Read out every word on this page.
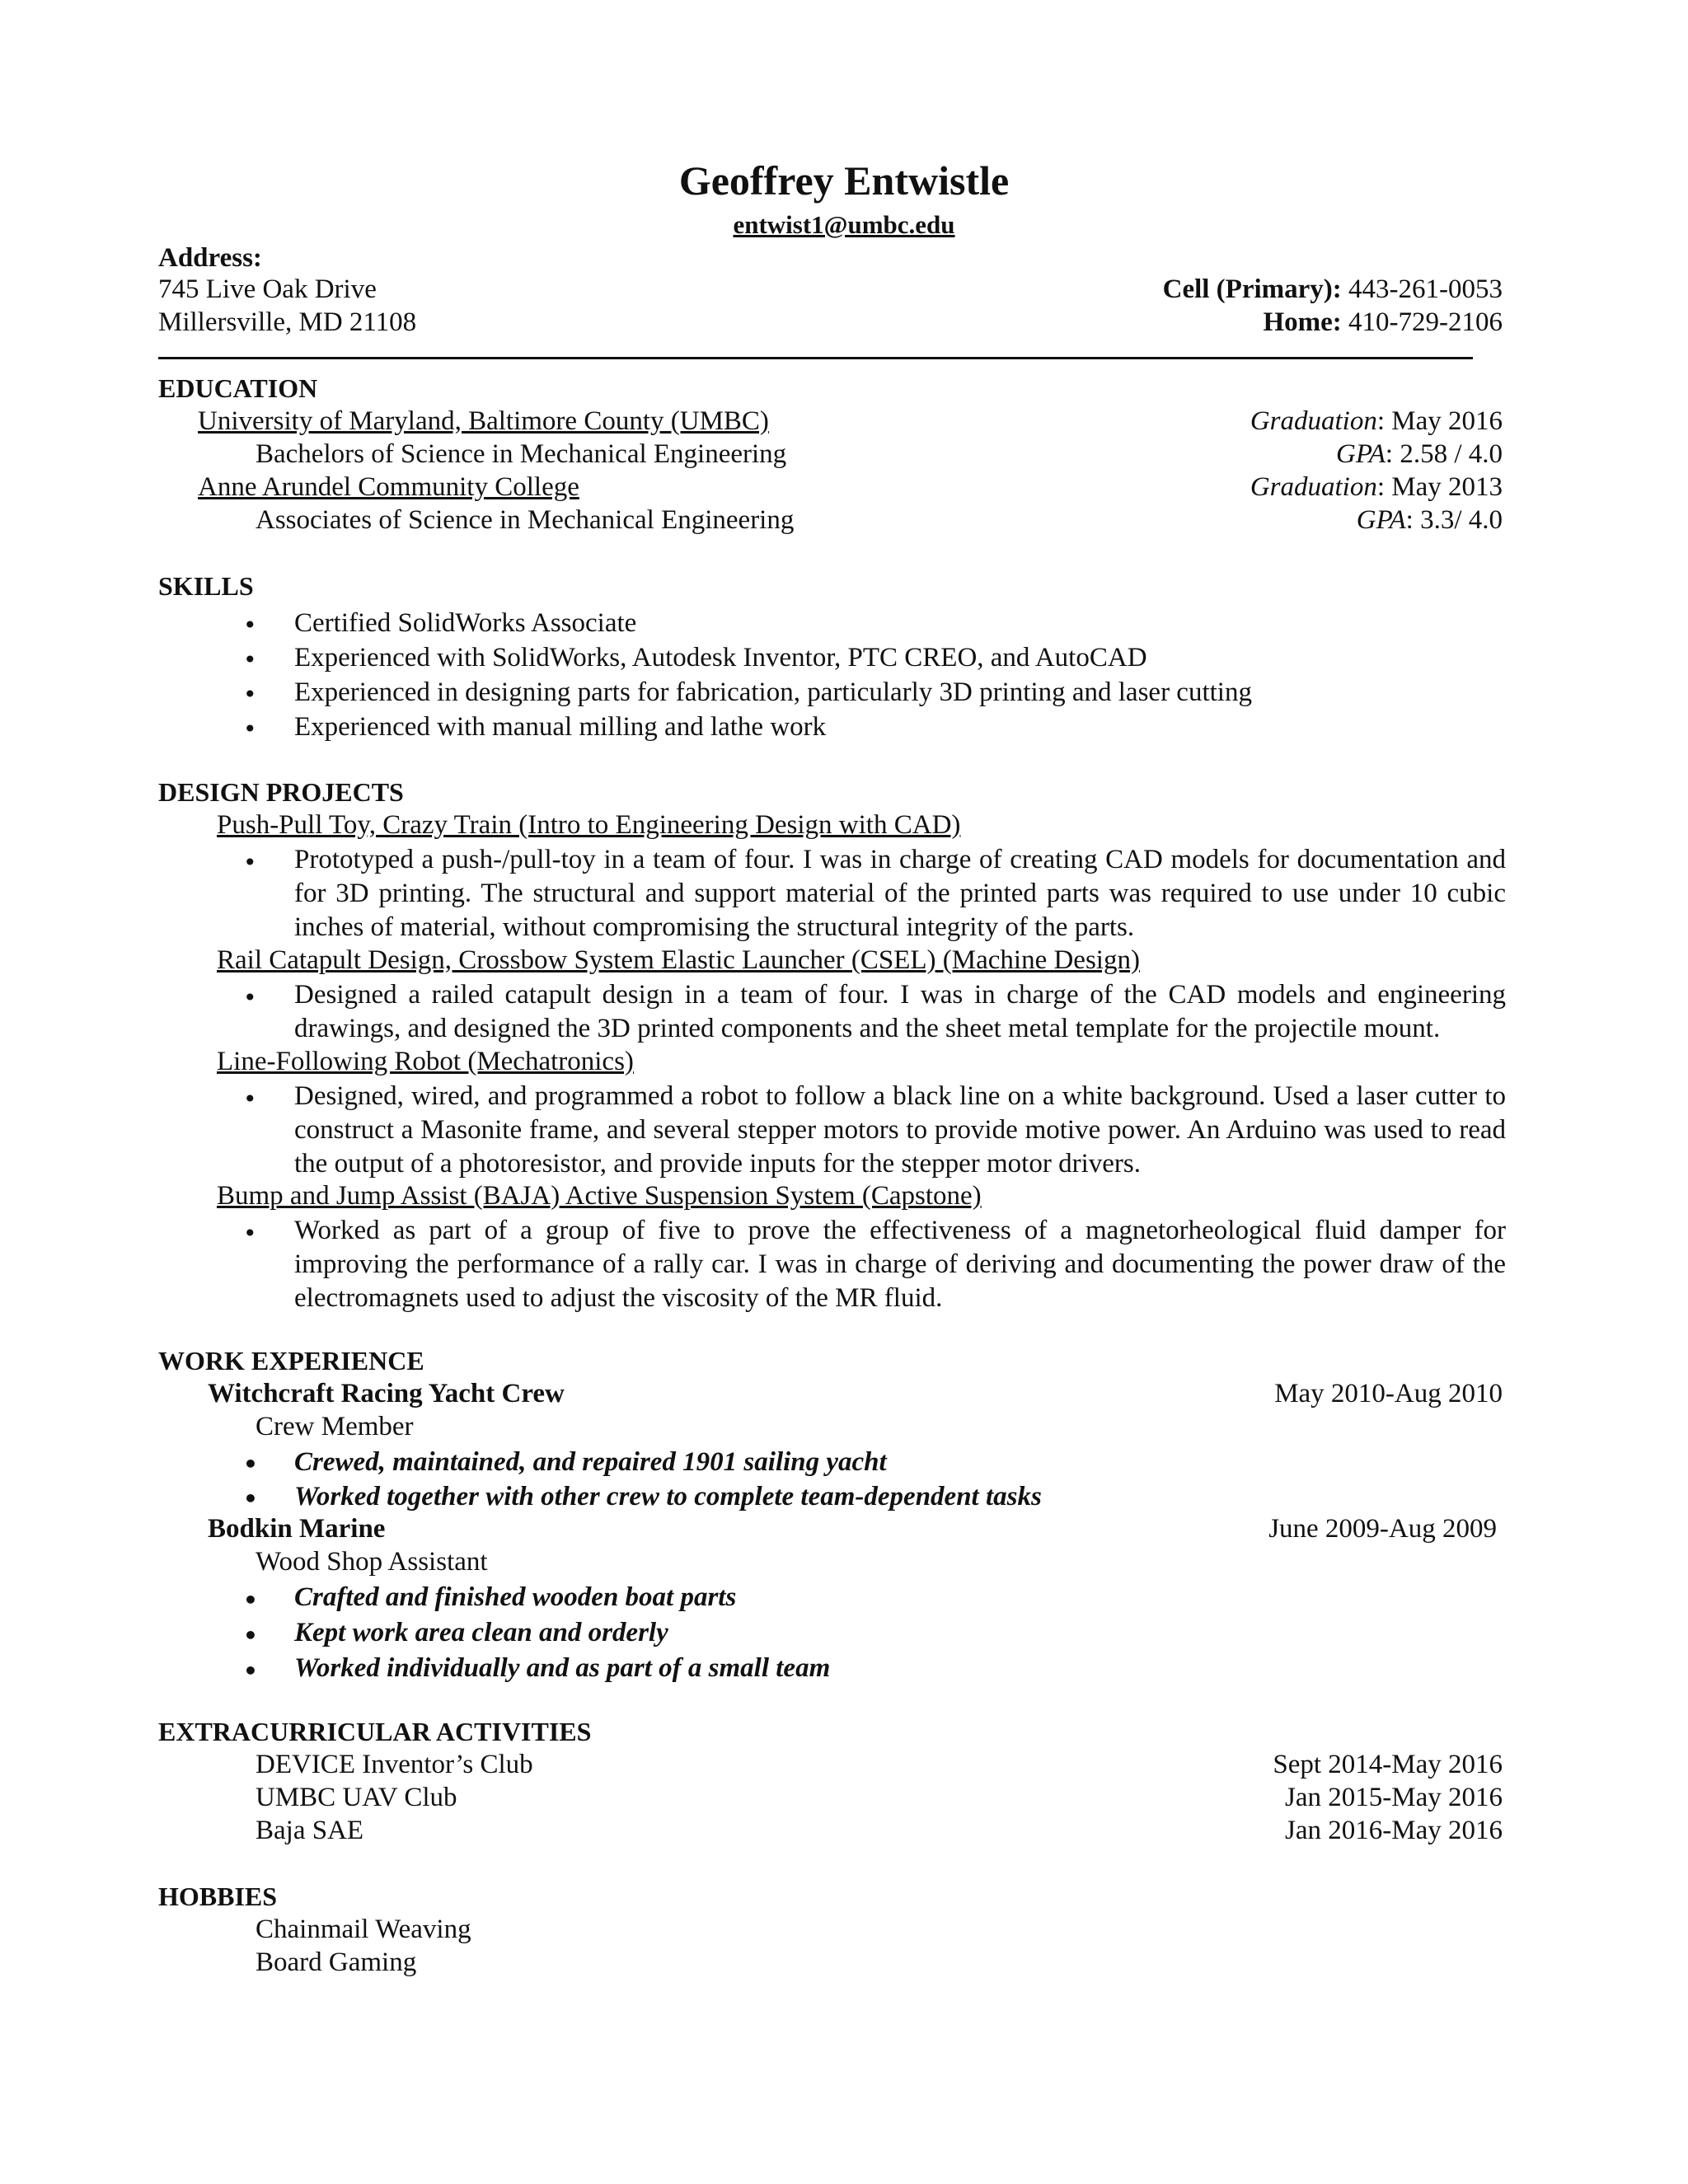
Geoffrey Entwistle
entwist1@umbc.edu
Address:
745 Live Oak Drive	Cell (Primary): 443-261-0053
Millersville, MD 21108	Home: 410-729-2106
EDUCATION
University of Maryland, Baltimore County (UMBC)	Graduation: May 2016
Bachelors of Science in Mechanical Engineering	GPA: 2.58 / 4.0
Anne Arundel Community College	Graduation: May 2013
Associates of Science in Mechanical Engineering	GPA: 3.3/ 4.0
SKILLS
• Certified SolidWorks Associate
• Experienced with SolidWorks, Autodesk Inventor, PTC CREO, and AutoCAD
• Experienced in designing parts for fabrication, particularly 3D printing and laser cutting
• Experienced with manual milling and lathe work
DESIGN PROJECTS
Push-Pull Toy, Crazy Train (Intro to Engineering Design with CAD)
• Prototyped a push-/pull-toy in a team of four. I was in charge of creating CAD models for documentation and for 3D printing. The structural and support material of the printed parts was required to use under 10 cubic inches of material, without compromising the structural integrity of the parts.
Rail Catapult Design, Crossbow System Elastic Launcher (CSEL) (Machine Design)
• Designed a railed catapult design in a team of four. I was in charge of the CAD models and engineering drawings, and designed the 3D printed components and the sheet metal template for the projectile mount.
Line-Following Robot (Mechatronics)
• Designed, wired, and programmed a robot to follow a black line on a white background. Used a laser cutter to construct a Masonite frame, and several stepper motors to provide motive power. An Arduino was used to read the output of a photoresistor, and provide inputs for the stepper motor drivers.
Bump and Jump Assist (BAJA) Active Suspension System (Capstone)
• Worked as part of a group of five to prove the effectiveness of a magnetorheological fluid damper for improving the performance of a rally car. I was in charge of deriving and documenting the power draw of the electromagnets used to adjust the viscosity of the MR fluid.
WORK EXPERIENCE
Witchcraft Racing Yacht Crew	May 2010-Aug 2010
Crew Member
• Crewed, maintained, and repaired 1901 sailing yacht
• Worked together with other crew to complete team-dependent tasks
Bodkin Marine	June 2009-Aug 2009
Wood Shop Assistant
• Crafted and finished wooden boat parts
• Kept work area clean and orderly
• Worked individually and as part of a small team
EXTRACURRICULAR ACTIVITIES
DEVICE Inventor’s Club	Sept 2014-May 2016
UMBC UAV Club	Jan 2015-May 2016
Baja SAE	Jan 2016-May 2016
HOBBIES
Chainmail Weaving
Board Gaming
